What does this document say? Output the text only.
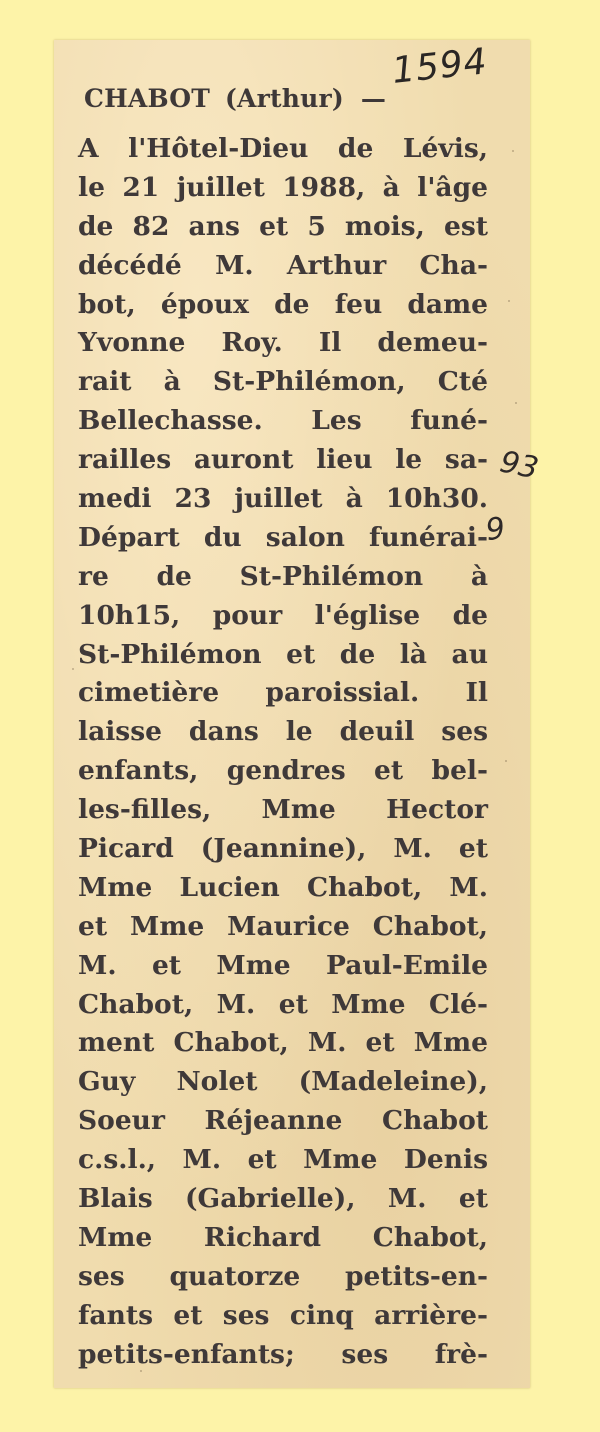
CHABOT (Arthur) —
1594
A l'Hôtel-Dieu de Lévis,
le 21 juillet 1988, à l'âge
de 82 ans et 5 mois, est
décédé M. Arthur Cha-
bot, époux de feu dame
Yvonne Roy. Il demeu-
rait à St-Philémon, Cté
Bellechasse. Les funé-
railles auront lieu le sa-
medi 23 juillet à 10h30.
Départ du salon funérai-
re de St-Philémon à
10h15, pour l'église de
St-Philémon et de là au
cimetière paroissial. Il
laisse dans le deuil ses
enfants, gendres et bel-
les-filles, Mme Hector
Picard (Jeannine), M. et
Mme Lucien Chabot, M.
et Mme Maurice Chabot,
M. et Mme Paul-Emile
Chabot, M. et Mme Clé-
ment Chabot, M. et Mme
Guy Nolet (Madeleine),
Soeur Réjeanne Chabot
c.s.l., M. et Mme Denis
Blais (Gabrielle), M. et
Mme Richard Chabot,
ses quatorze petits-en-
fants et ses cinq arrière-
petits-enfants; ses frè-
93
9
